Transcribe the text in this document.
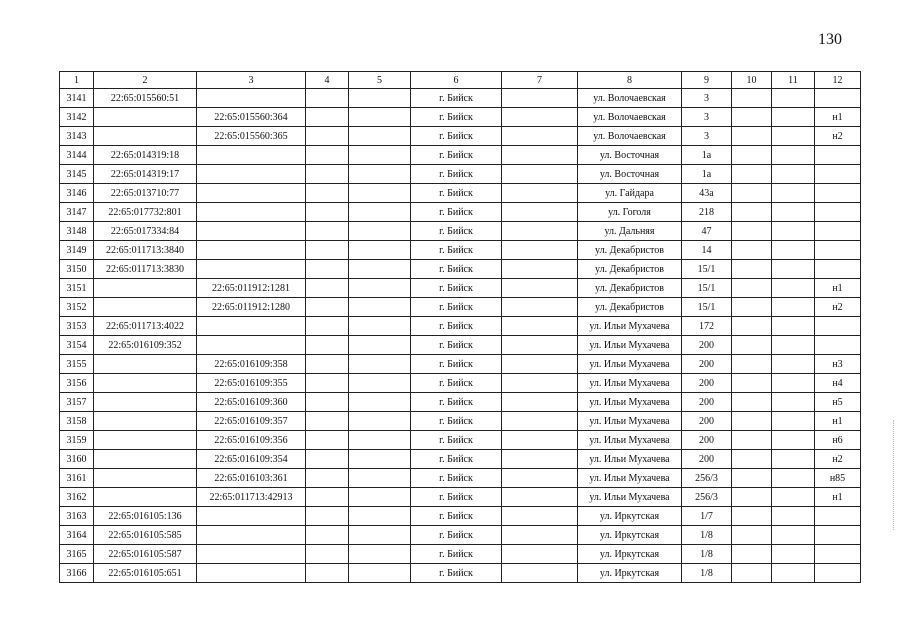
130
1	2	3	4	5	6	7	8	9	10	11	12
3141	22:65:015560:51				г. Бийск		ул. Волочаевская	3			
3142		22:65:015560:364			г. Бийск		ул. Волочаевская	3			н1
3143		22:65:015560:365			г. Бийск		ул. Волочаевская	3			н2
3144	22:65:014319:18				г. Бийск		ул. Восточная	1а			
3145	22:65:014319:17				г. Бийск		ул. Восточная	1а			
3146	22:65:013710:77				г. Бийск		ул. Гайдара	43а			
3147	22:65:017732:801				г. Бийск		ул. Гоголя	218			
3148	22:65:017334:84				г. Бийск		ул. Дальняя	47			
3149	22:65:011713:3840				г. Бийск		ул. Декабристов	14			
3150	22:65:011713:3830				г. Бийск		ул. Декабристов	15/1			
3151		22:65:011912:1281			г. Бийск		ул. Декабристов	15/1			н1
3152		22:65:011912:1280			г. Бийск		ул. Декабристов	15/1			н2
3153	22:65:011713:4022				г. Бийск		ул. Ильи Мухачева	172			
3154	22:65:016109:352				г. Бийск		ул. Ильи Мухачева	200			
3155		22:65:016109:358			г. Бийск		ул. Ильи Мухачева	200			н3
3156		22:65:016109:355			г. Бийск		ул. Ильи Мухачева	200			н4
3157		22:65:016109:360			г. Бийск		ул. Ильи Мухачева	200			н5
3158		22:65:016109:357			г. Бийск		ул. Ильи Мухачева	200			н1
3159		22:65:016109:356			г. Бийск		ул. Ильи Мухачева	200			н6
3160		22:65:016109:354			г. Бийск		ул. Ильи Мухачева	200			н2
3161		22:65:016103:361			г. Бийск		ул. Ильи Мухачева	256/3			н85
3162		22:65:011713:42913			г. Бийск		ул. Ильи Мухачева	256/3			н1
3163	22:65:016105:136				г. Бийск		ул. Иркутская	1/7			
3164	22:65:016105:585				г. Бийск		ул. Иркутская	1/8			
3165	22:65:016105:587				г. Бийск		ул. Иркутская	1/8			
3166	22:65:016105:651				г. Бийск		ул. Иркутская	1/8			
